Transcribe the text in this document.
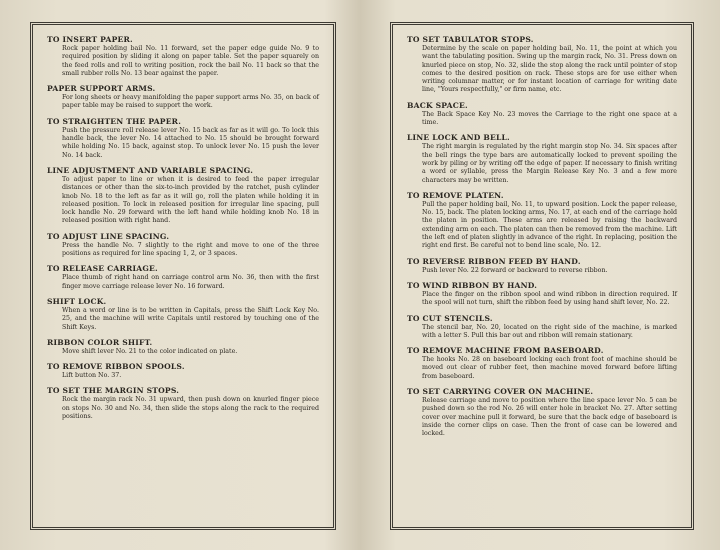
TO INSERT PAPER.
Rock paper holding bail No. 11 forward, set the paper edge guide No. 9 to required position by sliding it along on paper table. Set the paper squarely on the feed rolls and roll to writing position, rock the bail No. 11 back so that the small rubber rolls No. 13 bear against the paper.
PAPER SUPPORT ARMS.
For long sheets or heavy manifolding the paper support arms No. 35, on back of paper table may be raised to support the work.
TO STRAIGHTEN THE PAPER.
Push the pressure roll release lever No. 15 back as far as it will go. To lock this handle back, the lever No. 14 attached to No. 15 should be brought forward while holding No. 15 back, against stop. To unlock lever No. 15 push the lever No. 14 back.
LINE ADJUSTMENT AND VARIABLE SPACING.
To adjust paper to line or when it is desired to feed the paper irregular distances or other than the six-to-inch provided by the ratchet, push cylinder knob No. 18 to the left as far as it will go, roll the platen while holding it in released position. To lock in released position for irregular line spacing, pull lock handle No. 29 forward with the left hand while holding knob No. 18 in released position with right hand.
TO ADJUST LINE SPACING.
Press the handle No. 7 slightly to the right and move to one of the three positions as required for line spacing 1, 2, or 3 spaces.
TO RELEASE CARRIAGE.
Place thumb of right hand on carriage control arm No. 36, then with the first finger move carriage release lever No. 16 forward.
SHIFT LOCK.
When a word or line is to be written in Capitals, press the Shift Lock Key No. 25, and the machine will write Capitals until restored by touching one of the Shift Keys.
RIBBON COLOR SHIFT.
Move shift lever No. 21 to the color indicated on plate.
TO REMOVE RIBBON SPOOLS.
Lift button No. 37.
TO SET THE MARGIN STOPS.
Rock the margin rack No. 31 upward, then push down on knurled finger piece on stops No. 30 and No. 34, then slide the stops along the rack to the required positions.
TO SET TABULATOR STOPS.
Determine by the scale on paper holding bail, No. 11, the point at which you want the tabulating position. Swing up the margin rack, No. 31. Press down on knurled piece on stop, No. 32, slide the stop along the rack until pointer of stop comes to the desired position on rack. These stops are for use either when writing columnar matter, or for instant location of carriage for writing date line, "Yours respectfully," or firm name, etc.
BACK SPACE.
The Back Space Key No. 23 moves the Carriage to the right one space at a time.
LINE LOCK AND BELL.
The right margin is regulated by the right margin stop No. 34. Six spaces after the bell rings the type bars are automatically locked to prevent spoiling the work by piling or by writing off the edge of paper. If necessary to finish writing a word or syllable, press the Margin Release Key No. 3 and a few more characters may be written.
TO REMOVE PLATEN.
Pull the paper holding bail, No. 11, to upward position. Lock the paper release, No. 15, back. The platen locking arms, No. 17, at each end of the carriage hold the platen in position. These arms are released by raising the backward extending arm on each. The platen can then be removed from the machine. Lift the left end of platen slightly in advance of the right. In replacing, position the right end first. Be careful not to bend line scale, No. 12.
TO REVERSE RIBBON FEED BY HAND.
Push lever No. 22 forward or backward to reverse ribbon.
TO WIND RIBBON BY HAND.
Place the finger on the ribbon spool and wind ribbon in direction required. If the spool will not turn, shift the ribbon feed by using hand shift lever, No. 22.
TO CUT STENCILS.
The stencil bar, No. 20, located on the right side of the machine, is marked with a letter S. Pull this bar out and ribbon will remain stationary.
TO REMOVE MACHINE FROM BASEBOARD.
The hooks No. 28 on baseboard locking each front foot of machine should be moved out clear of rubber feet, then machine moved forward before lifting from baseboard.
TO SET CARRYING COVER ON MACHINE.
Release carriage and move to position where the line space lever No. 5 can be pushed down so the rod No. 26 will enter hole in bracket No. 27. After setting cover over machine pull it forward, be sure that the back edge of baseboard is inside the corner clips on case. Then the front of case can be lowered and locked.
